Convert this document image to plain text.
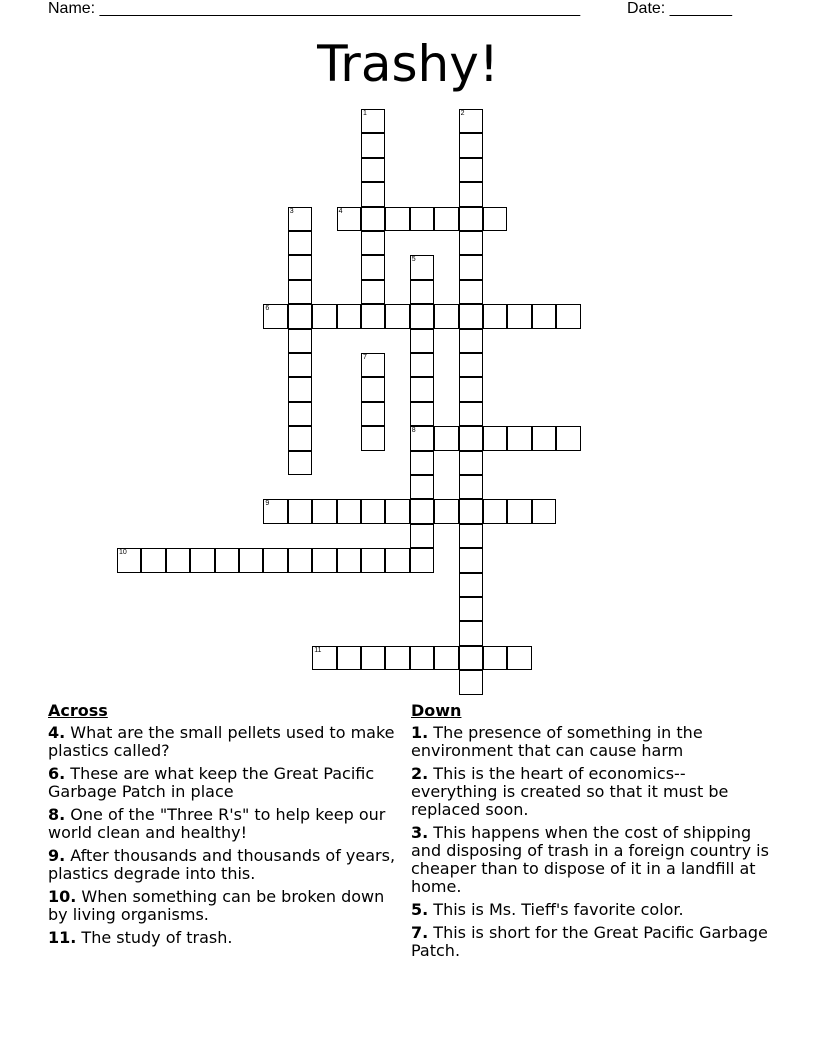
Name: ______________________________________________________	Date: _______
Trashy!
1	2
3	4
5
8
6
7
9
10
11
Across
4. What are the small pellets used to make plastics called?
6. These are what keep the Great Pacific Garbage Patch in place
8. One of the "Three R's" to help keep our world clean and healthy!
9. After thousands and thousands of years, plastics degrade into this.
10. When something can be broken down by living organisms.
11. The study of trash.
Down
1. The presence of something in the environment that can cause harm
2. This is the heart of economics--everything is created so that it must be replaced soon.
3. This happens when the cost of shipping and disposing of trash in a foreign country is cheaper than to dispose of it in a landfill at home.
5. This is Ms. Tieff's favorite color.
7. This is short for the Great Pacific Garbage Patch.
